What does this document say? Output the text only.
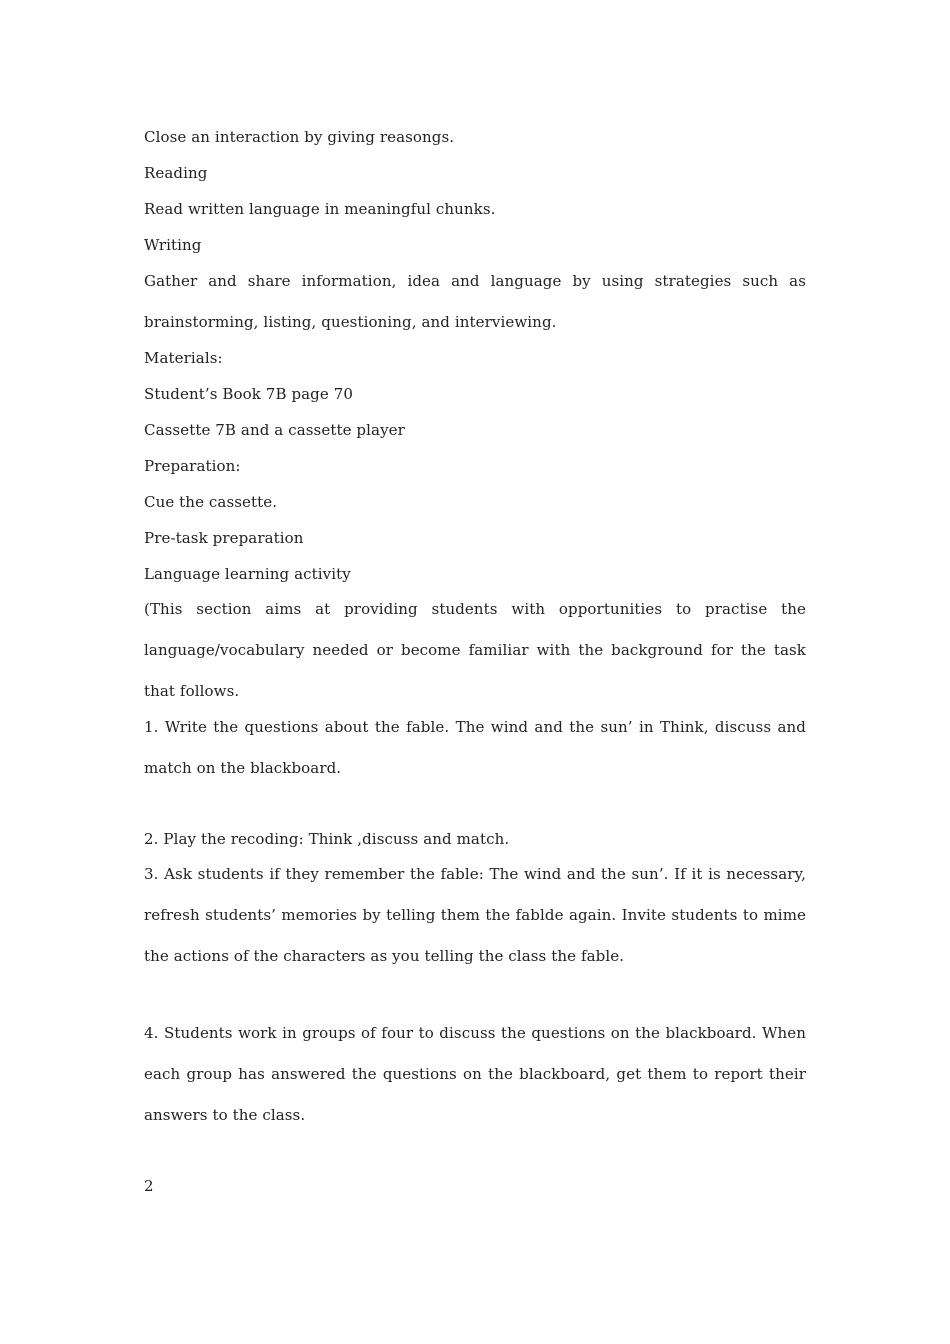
Close an interaction by giving reasongs.

Reading

Read written language in meaningful chunks.

Writing

Gather and share information, idea and language by using strategies such as brainstorming, listing, questioning, and interviewing.

Materials:

Student’s Book 7B page 70

Cassette 7B and a cassette player

Preparation:

Cue the cassette.

Pre-task preparation

Language learning activity

(This section aims at providing students with opportunities to practise the language/vocabulary needed or become familiar with the background for the task that follows.

1. Write the questions about the fable. The wind and the sun’ in Think, discuss and match on the blackboard.

2. Play the recoding: Think ,discuss and match.

3. Ask students if they remember the fable: The wind and the sun’. If it is necessary, refresh students’ memories by telling them the fablde again. Invite students to mime the actions of the characters as you telling the class the fable.

4. Students work in groups of four to discuss the questions on the blackboard. When each group has answered the questions on the blackboard, get them to report their answers to the class.

2
